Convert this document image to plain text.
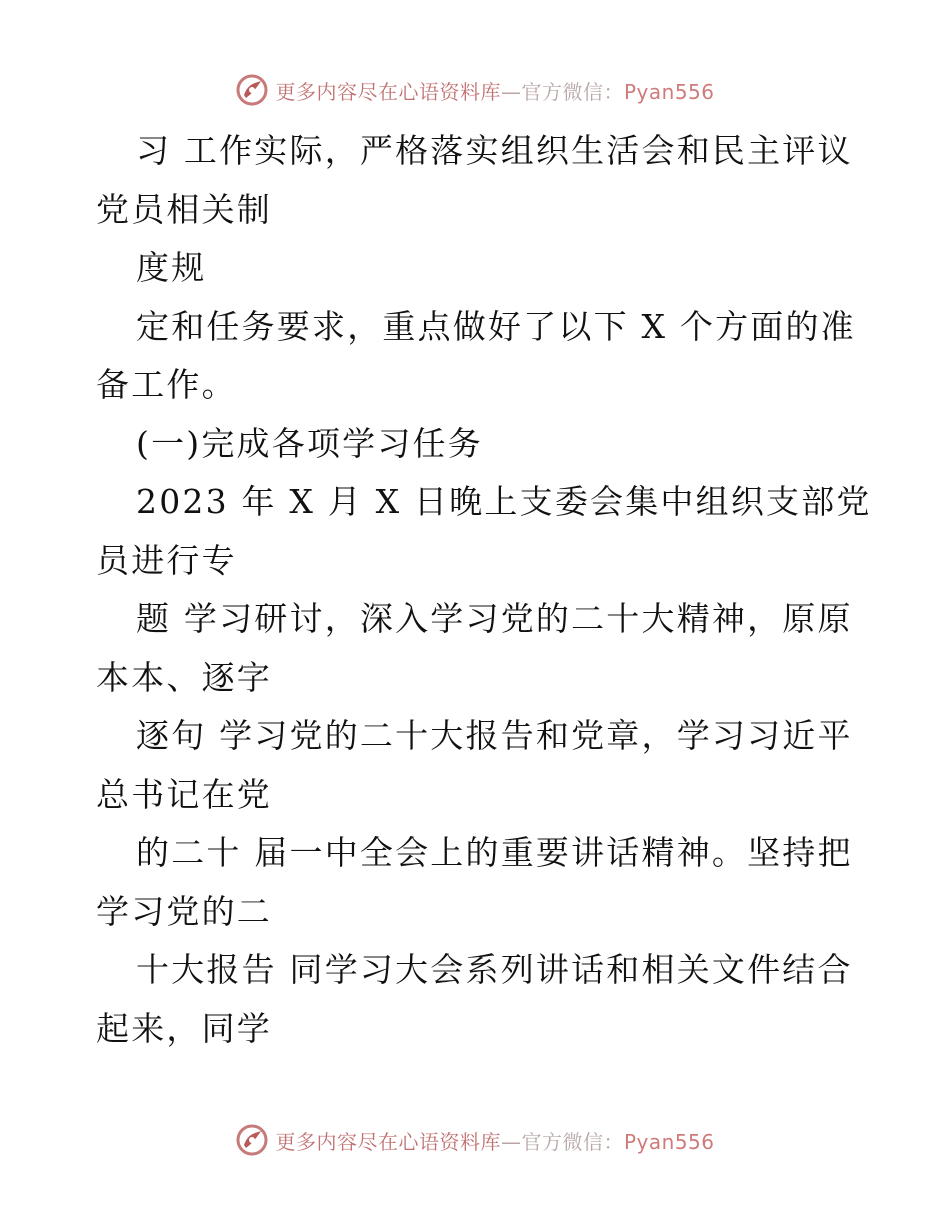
更多内容尽在心语资料库—官方微信：Pyan556
习 工作实际，严格落实组织生活会和民主评议
党员相关制
度规
定和任务要求，重点做好了以下 X 个方面的准
备工作。
(一)完成各项学习任务
2023 年 X 月 X 日晚上支委会集中组织支部党
员进行专
题 学习研讨，深入学习党的二十大精神，原原
本本、逐字
逐句 学习党的二十大报告和党章，学习习近平
总书记在党
的二十 届一中全会上的重要讲话精神。坚持把
学习党的二
十大报告 同学习大会系列讲话和相关文件结合
起来，同学
更多内容尽在心语资料库—官方微信：Pyan556
